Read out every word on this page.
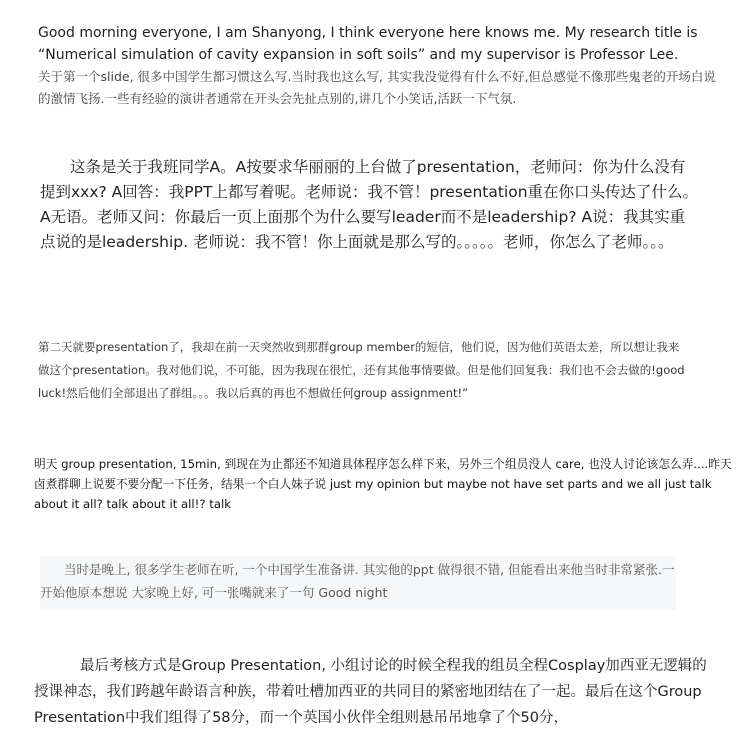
Good morning everyone, I am Shanyong, I think everyone here knows me. My research title is “Numerical simulation of cavity expansion in soft soils” and my supervisor is Professor Lee.

关于第一个slide, 很多中国学生都习惯这么写.当时我也这么写, 其实我没觉得有什么不好,但总感觉不像那些鬼老的开场白说的激情飞扬.一些有经验的演讲者通常在开头会先扯点别的,讲几个小笑话,活跃一下气氛.

这条是关于我班同学A。A按要求华丽丽的上台做了presentation，老师问：你为什么没有提到xxx? A回答：我PPT上都写着呢。老师说：我不管！presentation重在你口头传达了什么。A无语。老师又问：你最后一页上面那个为什么要写leader而不是leadership? A说：我其实重点说的是leadership. 老师说：我不管！你上面就是那么写的。。。。。老师，你怎么了老师。。。

第二天就要presentation了，我却在前一天突然收到那群group member的短信，他们说，因为他们英语太差，所以想让我来做这个presentation。我对他们说，不可能，因为我现在很忙，还有其他事情要做。但是他们回复我：我们也不会去做的!good luck!然后他们全部退出了群组。。。我以后真的再也不想做任何group assignment!”

明天 group presentation, 15min, 到现在为止都还不知道具体程序怎么样下来，另外三个组员没人 care, 也没人讨论该怎么弄....昨天卤煮群聊上说要不要分配一下任务，结果一个白人妹子说 just my opinion but maybe not have set parts and we all just talk about it all? talk about it all!? talk

当时是晚上, 很多学生老师在听, 一个中国学生准备讲. 其实他的ppt 做得很不错, 但能看出来他当时非常紧张.一开始他原本想说 大家晚上好, 可一张嘴就来了一句 Good night

最后考核方式是Group Presentation, 小组讨论的时候全程我的组员全程Cosplay加西亚无逻辑的授课神态，我们跨越年龄语言种族，带着吐槽加西亚的共同目的紧密地团结在了一起。最后在这个Group Presentation中我们组得了58分，而一个英国小伙伴全组则悬吊吊地拿了个50分，
